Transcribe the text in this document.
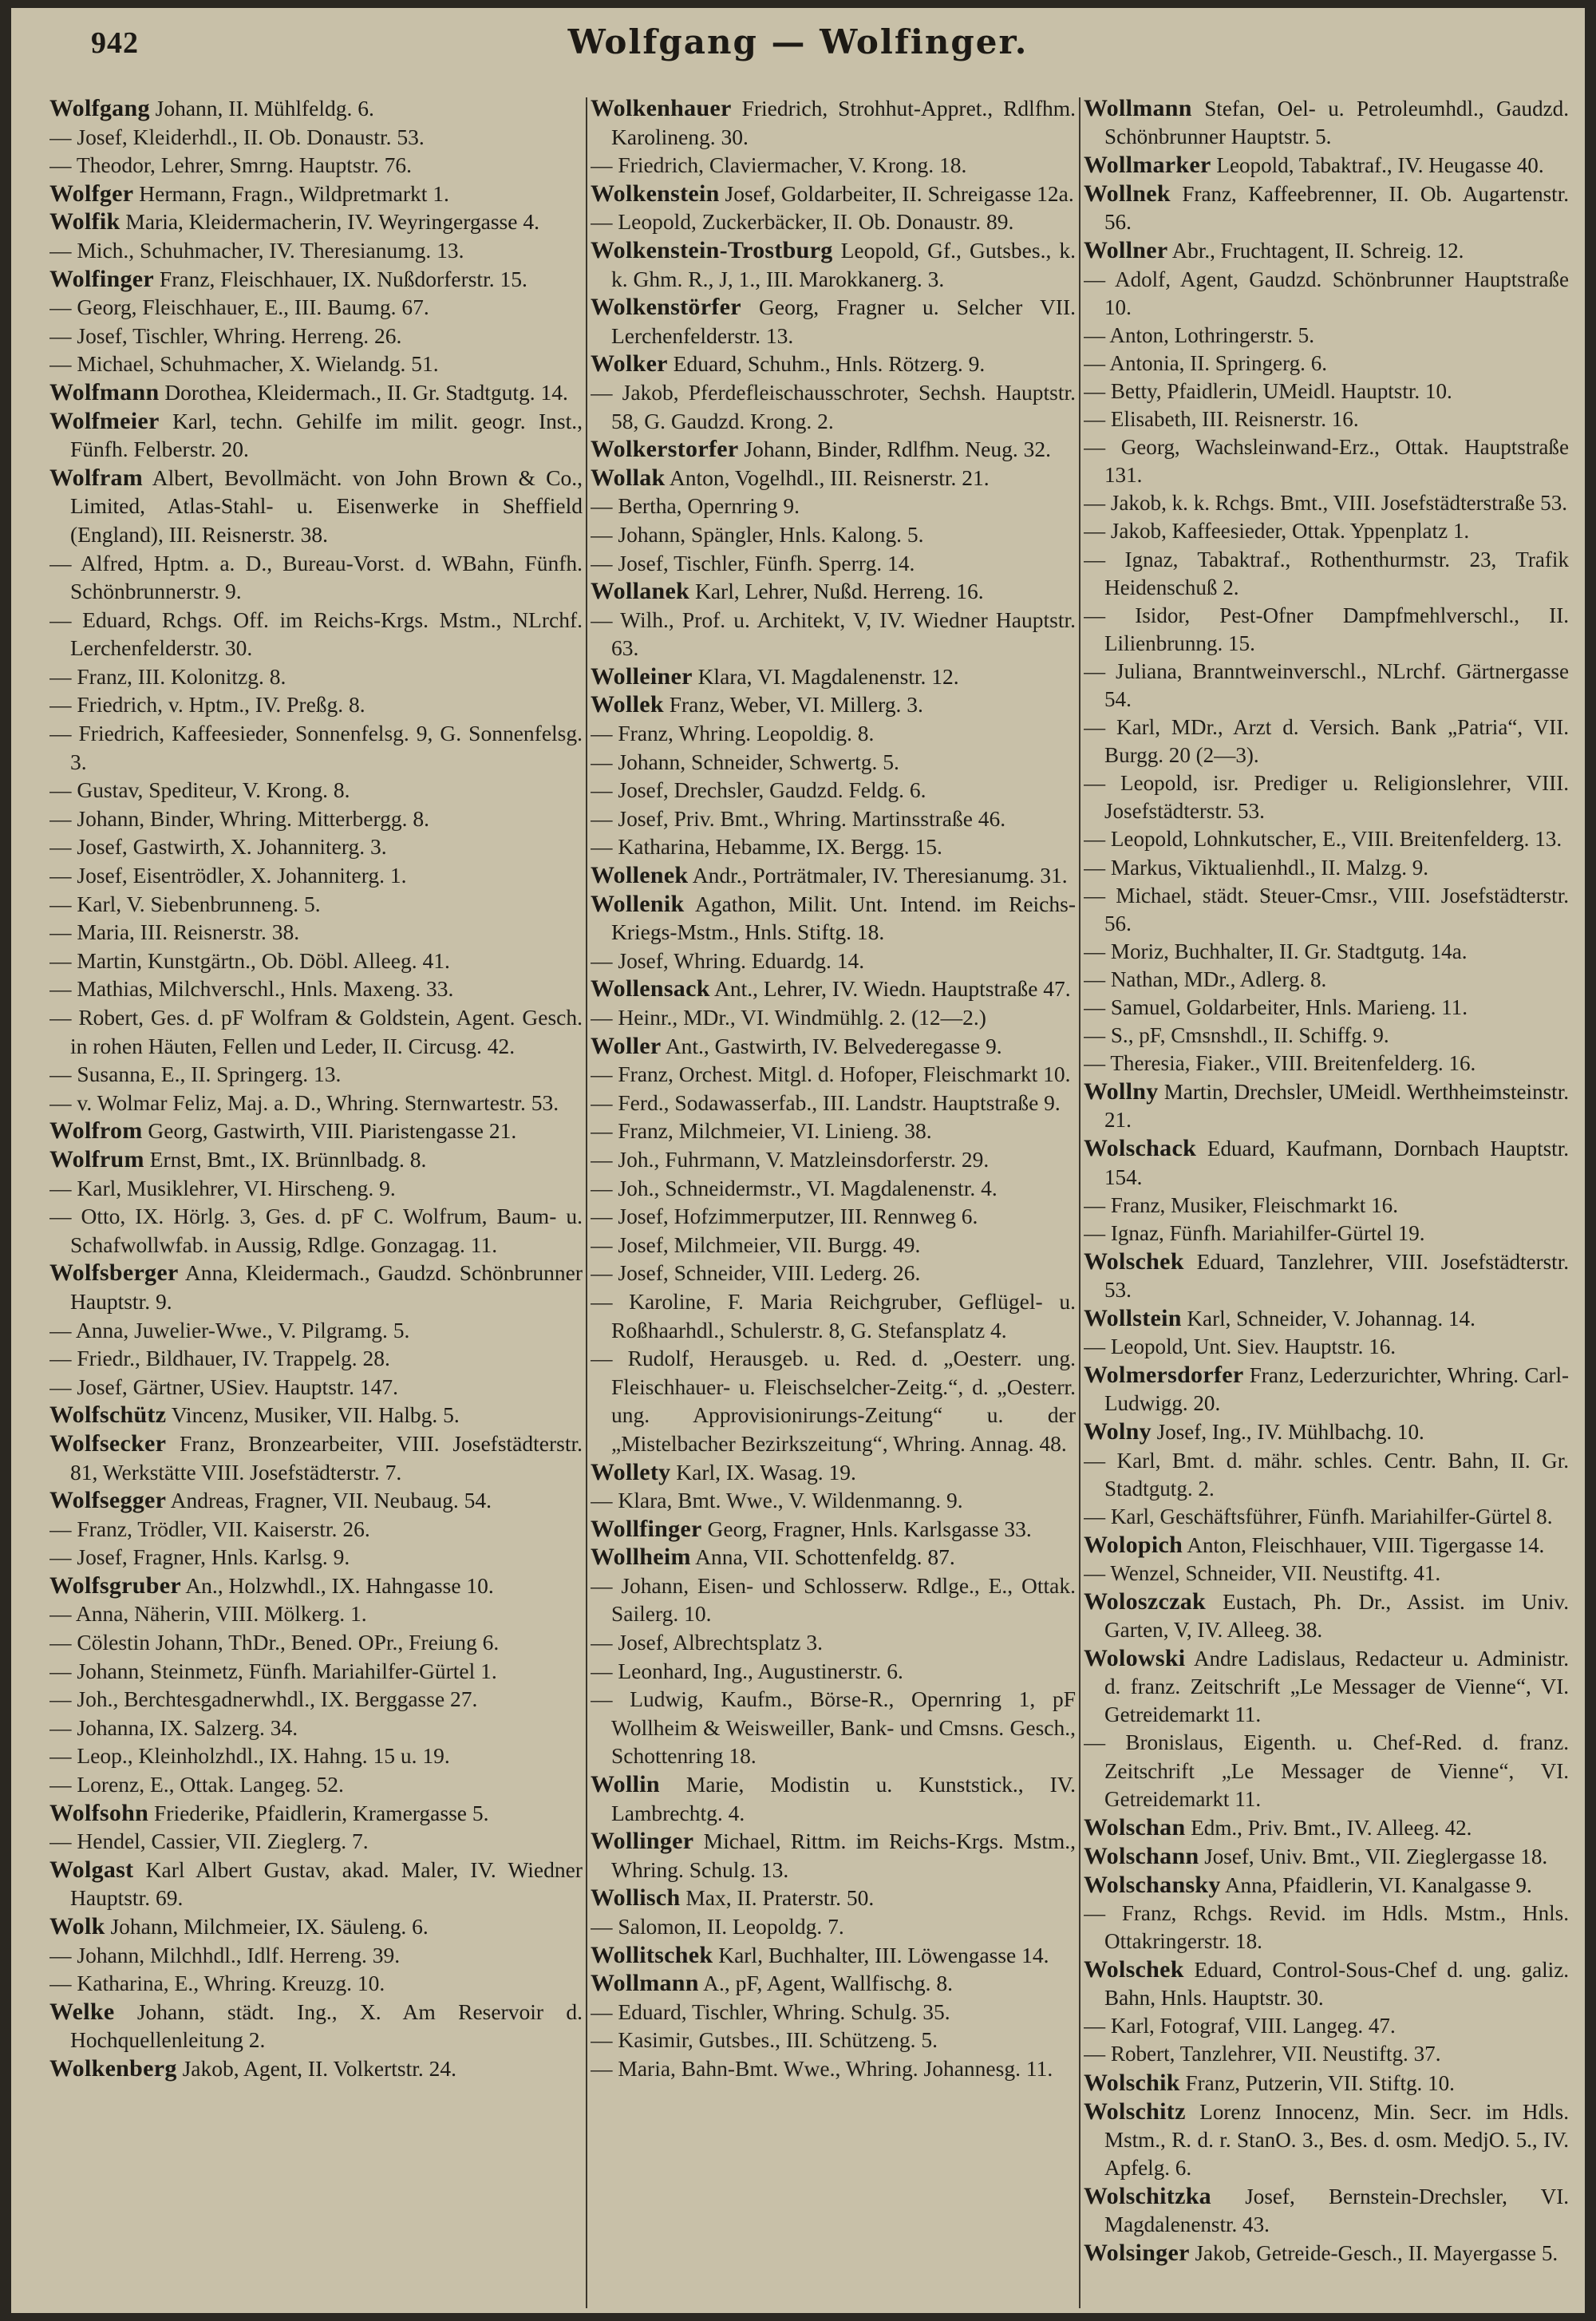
942	Wolfgang — Wolfinger.

Wolfgang Johann, II. Mühlfeldg. 6.

— Josef, Kleiderhdl., II. Ob. Donaustr. 53.

— Theodor, Lehrer, Smrng. Hauptstr. 76.

Wolfger Hermann, Fragn., Wildpretmarkt 1.

Wolfik Maria, Kleidermacherin, IV. Weyringergasse 4.

— Mich., Schuhmacher, IV. Theresianumg. 13.

Wolfinger Franz, Fleischhauer, IX. Nußdorferstr. 15.

— Georg, Fleischhauer, E., III. Baumg. 67.

— Josef, Tischler, Whring. Herreng. 26.

— Michael, Schuhmacher, X. Wielandg. 51.

Wolfmann Dorothea, Kleidermach., II. Gr. Stadtgutg. 14.

Wolfmeier Karl, techn. Gehilfe im milit. geogr. Inst., Fünfh. Felberstr. 20.

Wolfram Albert, Bevollmächt. von John Brown & Co., Limited, Atlas-Stahl- u. Eisenwerke in Sheffield (England), III. Reisnerstr. 38.

— Alfred, Hptm. a. D., Bureau-Vorst. d. WBahn, Fünfh. Schönbrunnerstr. 9.

— Eduard, Rchgs. Off. im Reichs-Krgs. Mstm., NLrchf. Lerchenfelderstr. 30.

— Franz, III. Kolonitzg. 8.

— Friedrich, v. Hptm., IV. Preßg. 8.

— Friedrich, Kaffeesieder, Sonnenfelsg. 9, G. Sonnenfelsg. 3.

— Gustav, Spediteur, V. Krong. 8.

— Johann, Binder, Whring. Mitterbergg. 8.

— Josef, Gastwirth, X. Johanniterg. 3.

— Josef, Eisentrödler, X. Johanniterg. 1.

— Karl, V. Siebenbrunneng. 5.

— Maria, III. Reisnerstr. 38.

— Martin, Kunstgärtn., Ob. Döbl. Alleeg. 41.

— Mathias, Milchverschl., Hnls. Maxeng. 33.

— Robert, Ges. d. pF Wolfram & Goldstein, Agent. Gesch. in rohen Häuten, Fellen und Leder, II. Circusg. 42.

— Susanna, E., II. Springerg. 13.

— v. Wolmar Feliz, Maj. a. D., Whring. Sternwartestr. 53.

Wolfrom Georg, Gastwirth, VIII. Piaristengasse 21.

Wolfrum Ernst, Bmt., IX. Brünnlbadg. 8.

— Karl, Musiklehrer, VI. Hirscheng. 9.

— Otto, IX. Hörlg. 3, Ges. d. pF C. Wolfrum, Baum- u. Schafwollwfab. in Aussig, Rdlge. Gonzagag. 11.

Wolfsberger Anna, Kleidermach., Gaudzd. Schönbrunner Hauptstr. 9.

— Anna, Juwelier-Wwe., V. Pilgramg. 5.

— Friedr., Bildhauer, IV. Trappelg. 28.

— Josef, Gärtner, USiev. Hauptstr. 147.

Wolfschütz Vincenz, Musiker, VII. Halbg. 5.

Wolfsecker Franz, Bronzearbeiter, VIII. Josefstädterstr. 81, Werkstätte VIII. Josefstädterstr. 7.

Wolfsegger Andreas, Fragner, VII. Neubaug. 54.

— Franz, Trödler, VII. Kaiserstr. 26.

— Josef, Fragner, Hnls. Karlsg. 9.

Wolfsgruber An., Holzwhdl., IX. Hahngasse 10.

— Anna, Näherin, VIII. Mölkerg. 1.

— Cölestin Johann, ThDr., Bened. OPr., Freiung 6.

— Johann, Steinmetz, Fünfh. Mariahilfer-Gürtel 1.

— Joh., Berchtesgadnerwhdl., IX. Berggasse 27.

— Johanna, IX. Salzerg. 34.

— Leop., Kleinholzhdl., IX. Hahng. 15 u. 19.

— Lorenz, E., Ottak. Langeg. 52.

Wolfsohn Friederike, Pfaidlerin, Kramergasse 5.

— Hendel, Cassier, VII. Zieglerg. 7.

Wolgast Karl Albert Gustav, akad. Maler, IV. Wiedner Hauptstr. 69.

Wolk Johann, Milchmeier, IX. Säuleng. 6.

— Johann, Milchhdl., Idlf. Herreng. 39.

— Katharina, E., Whring. Kreuzg. 10.

Welke Johann, städt. Ing., X. Am Reservoir d. Hochquellenleitung 2.

Wolkenberg Jakob, Agent, II. Volkertstr. 24.

Wolkenhauer Friedrich, Strohhut-Appret., Rdlfhm. Karolineng. 30.

— Friedrich, Claviermacher, V. Krong. 18.

Wolkenstein Josef, Goldarbeiter, II. Schreigasse 12a.

— Leopold, Zuckerbäcker, II. Ob. Donaustr. 89.

Wolkenstein-Trostburg Leopold, Gf., Gutsbes., k. k. Ghm. R., J, 1., III. Marokkanerg. 3.

Wolkenstörfer Georg, Fragner u. Selcher VII. Lerchenfelderstr. 13.

Wolker Eduard, Schuhm., Hnls. Rötzerg. 9.

— Jakob, Pferdefleischausschroter, Sechsh. Hauptstr. 58, G. Gaudzd. Krong. 2.

Wolkerstorfer Johann, Binder, Rdlfhm. Neug. 32.

Wollak Anton, Vogelhdl., III. Reisnerstr. 21.

— Bertha, Opernring 9.

— Johann, Spängler, Hnls. Kalong. 5.

— Josef, Tischler, Fünfh. Sperrg. 14.

Wollanek Karl, Lehrer, Nußd. Herreng. 16.

— Wilh., Prof. u. Architekt, V, IV. Wiedner Hauptstr. 63.

Wolleiner Klara, VI. Magdalenenstr. 12.

Wollek Franz, Weber, VI. Millerg. 3.

— Franz, Whring. Leopoldig. 8.

— Johann, Schneider, Schwertg. 5.

— Josef, Drechsler, Gaudzd. Feldg. 6.

— Josef, Priv. Bmt., Whring. Martinsstraße 46.

— Katharina, Hebamme, IX. Bergg. 15.

Wollenek Andr., Porträtmaler, IV. Theresianumg. 31.

Wollenik Agathon, Milit. Unt. Intend. im Reichs-Kriegs-Mstm., Hnls. Stiftg. 18.

— Josef, Whring. Eduardg. 14.

Wollensack Ant., Lehrer, IV. Wiedn. Hauptstraße 47.

— Heinr., MDr., VI. Windmühlg. 2. (12—2.)

Woller Ant., Gastwirth, IV. Belvederegasse 9.

— Franz, Orchest. Mitgl. d. Hofoper, Fleischmarkt 10.

— Ferd., Sodawasserfab., III. Landstr. Hauptstraße 9.

— Franz, Milchmeier, VI. Linieng. 38.

— Joh., Fuhrmann, V. Matzleinsdorferstr. 29.

— Joh., Schneidermstr., VI. Magdalenenstr. 4.

— Josef, Hofzimmerputzer, III. Rennweg 6.

— Josef, Milchmeier, VII. Burgg. 49.

— Josef, Schneider, VIII. Lederg. 26.

— Karoline, F. Maria Reichgruber, Geflügel- u. Roßhaarhdl., Schulerstr. 8, G. Stefansplatz 4.

— Rudolf, Herausgeb. u. Red. d. „Oesterr. ung. Fleischhauer- u. Fleischselcher-Zeitg.“, d. „Oesterr. ung. Approvisionirungs-Zeitung“ u. der „Mistelbacher Bezirkszeitung“, Whring. Annag. 48.

Wollety Karl, IX. Wasag. 19.

— Klara, Bmt. Wwe., V. Wildenmanng. 9.

Wollfinger Georg, Fragner, Hnls. Karlsgasse 33.

Wollheim Anna, VII. Schottenfeldg. 87.

— Johann, Eisen- und Schlosserw. Rdlge., E., Ottak. Sailerg. 10.

— Josef, Albrechtsplatz 3.

— Leonhard, Ing., Augustinerstr. 6.

— Ludwig, Kaufm., Börse-R., Opernring 1, pF Wollheim & Weisweiller, Bank- und Cmsns. Gesch., Schottenring 18.

Wollin Marie, Modistin u. Kunststick., IV. Lambrechtg. 4.

Wollinger Michael, Rittm. im Reichs-Krgs. Mstm., Whring. Schulg. 13.

Wollisch Max, II. Praterstr. 50.

— Salomon, II. Leopoldg. 7.

Wollitschek Karl, Buchhalter, III. Löwengasse 14.

Wollmann A., pF, Agent, Wallfischg. 8.

— Eduard, Tischler, Whring. Schulg. 35.

— Kasimir, Gutsbes., III. Schützeng. 5.

— Maria, Bahn-Bmt. Wwe., Whring. Johannesg. 11.

Wollmann Stefan, Oel- u. Petroleumhdl., Gaudzd. Schönbrunner Hauptstr. 5.

Wollmarker Leopold, Tabaktraf., IV. Heugasse 40.

Wollnek Franz, Kaffeebrenner, II. Ob. Augartenstr. 56.

Wollner Abr., Fruchtagent, II. Schreig. 12.

— Adolf, Agent, Gaudzd. Schönbrunner Hauptstraße 10.

— Anton, Lothringerstr. 5.

— Antonia, II. Springerg. 6.

— Betty, Pfaidlerin, UMeidl. Hauptstr. 10.

— Elisabeth, III. Reisnerstr. 16.

— Georg, Wachsleinwand-Erz., Ottak. Hauptstraße 131.

— Jakob, k. k. Rchgs. Bmt., VIII. Josefstädterstraße 53.

— Jakob, Kaffeesieder, Ottak. Yppenplatz 1.

— Ignaz, Tabaktraf., Rothenthurmstr. 23, Trafik Heidenschuß 2.

— Isidor, Pest-Ofner Dampfmehlverschl., II. Lilienbrunng. 15.

— Juliana, Branntweinverschl., NLrchf. Gärtnergasse 54.

— Karl, MDr., Arzt d. Versich. Bank „Patria“, VII. Burgg. 20 (2—3).

— Leopold, isr. Prediger u. Religionslehrer, VIII. Josefstädterstr. 53.

— Leopold, Lohnkutscher, E., VIII. Breitenfelderg. 13.

— Markus, Viktualienhdl., II. Malzg. 9.

— Michael, städt. Steuer-Cmsr., VIII. Josefstädterstr. 56.

— Moriz, Buchhalter, II. Gr. Stadtgutg. 14a.

— Nathan, MDr., Adlerg. 8.

— Samuel, Goldarbeiter, Hnls. Marieng. 11.

— S., pF, Cmsnshdl., II. Schiffg. 9.

— Theresia, Fiaker., VIII. Breitenfelderg. 16.

Wollny Martin, Drechsler, UMeidl. Werthheimsteinstr. 21.

Wolschack Eduard, Kaufmann, Dornbach Hauptstr. 154.

— Franz, Musiker, Fleischmarkt 16.

— Ignaz, Fünfh. Mariahilfer-Gürtel 19.

Wolschek Eduard, Tanzlehrer, VIII. Josefstädterstr. 53.

Wollstein Karl, Schneider, V. Johannag. 14.

— Leopold, Unt. Siev. Hauptstr. 16.

Wolmersdorfer Franz, Lederzurichter, Whring. Carl-Ludwigg. 20.

Wolny Josef, Ing., IV. Mühlbachg. 10.

— Karl, Bmt. d. mähr. schles. Centr. Bahn, II. Gr. Stadtgutg. 2.

— Karl, Geschäftsführer, Fünfh. Mariahilfer-Gürtel 8.

Wolopich Anton, Fleischhauer, VIII. Tigergasse 14.

— Wenzel, Schneider, VII. Neustiftg. 41.

Woloszczak Eustach, Ph. Dr., Assist. im Univ. Garten, V, IV. Alleeg. 38.

Wolowski Andre Ladislaus, Redacteur u. Administr. d. franz. Zeitschrift „Le Messager de Vienne“, VI. Getreidemarkt 11.

— Bronislaus, Eigenth. u. Chef-Red. d. franz. Zeitschrift „Le Messager de Vienne“, VI. Getreidemarkt 11.

Wolschan Edm., Priv. Bmt., IV. Alleeg. 42.

Wolschann Josef, Univ. Bmt., VII. Zieglergasse 18.

Wolschansky Anna, Pfaidlerin, VI. Kanalgasse 9.

— Franz, Rchgs. Revid. im Hdls. Mstm., Hnls. Ottakringerstr. 18.

Wolschek Eduard, Control-Sous-Chef d. ung. galiz. Bahn, Hnls. Hauptstr. 30.

— Karl, Fotograf, VIII. Langeg. 47.

— Robert, Tanzlehrer, VII. Neustiftg. 37.

Wolschik Franz, Putzerin, VII. Stiftg. 10.

Wolschitz Lorenz Innocenz, Min. Secr. im Hdls. Mstm., R. d. r. StanO. 3., Bes. d. osm. MedjO. 5., IV. Apfelg. 6.

Wolschitzka Josef, Bernstein-Drechsler, VI. Magdalenenstr. 43.

Wolsinger Jakob, Getreide-Gesch., II. Mayergasse 5.
